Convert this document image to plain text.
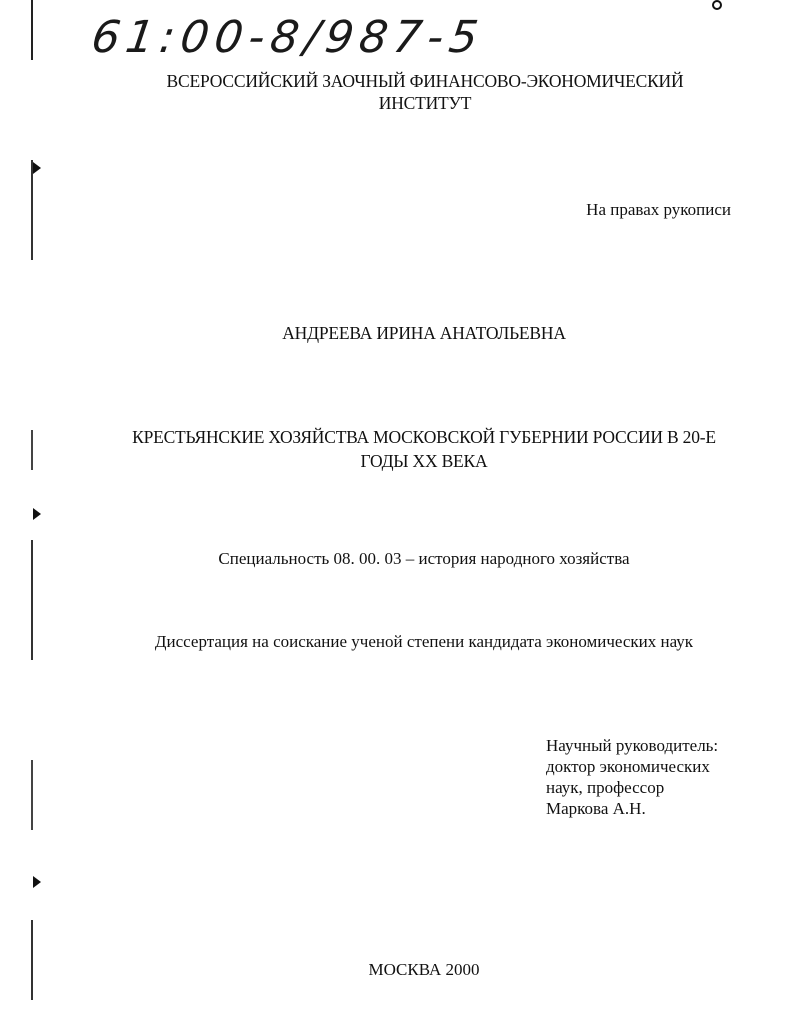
61:00-8/987-5
ВСЕРОССИЙСКИЙ ЗАОЧНЫЙ ФИНАНСОВО-ЭКОНОМИЧЕСКИЙ
ИНСТИТУТ
На правах рукописи
АНДРЕЕВА ИРИНА АНАТОЛЬЕВНА
КРЕСТЬЯНСКИЕ ХОЗЯЙСТВА МОСКОВСКОЙ ГУБЕРНИИ РОССИИ В 20-Е
ГОДЫ XX ВЕКА
Специальность 08. 00. 03 – история народного хозяйства
Диссертация на соискание ученой степени кандидата экономических наук
Научный руководитель:
доктор экономических
наук, профессор
Маркова А.Н.
МОСКВА 2000
